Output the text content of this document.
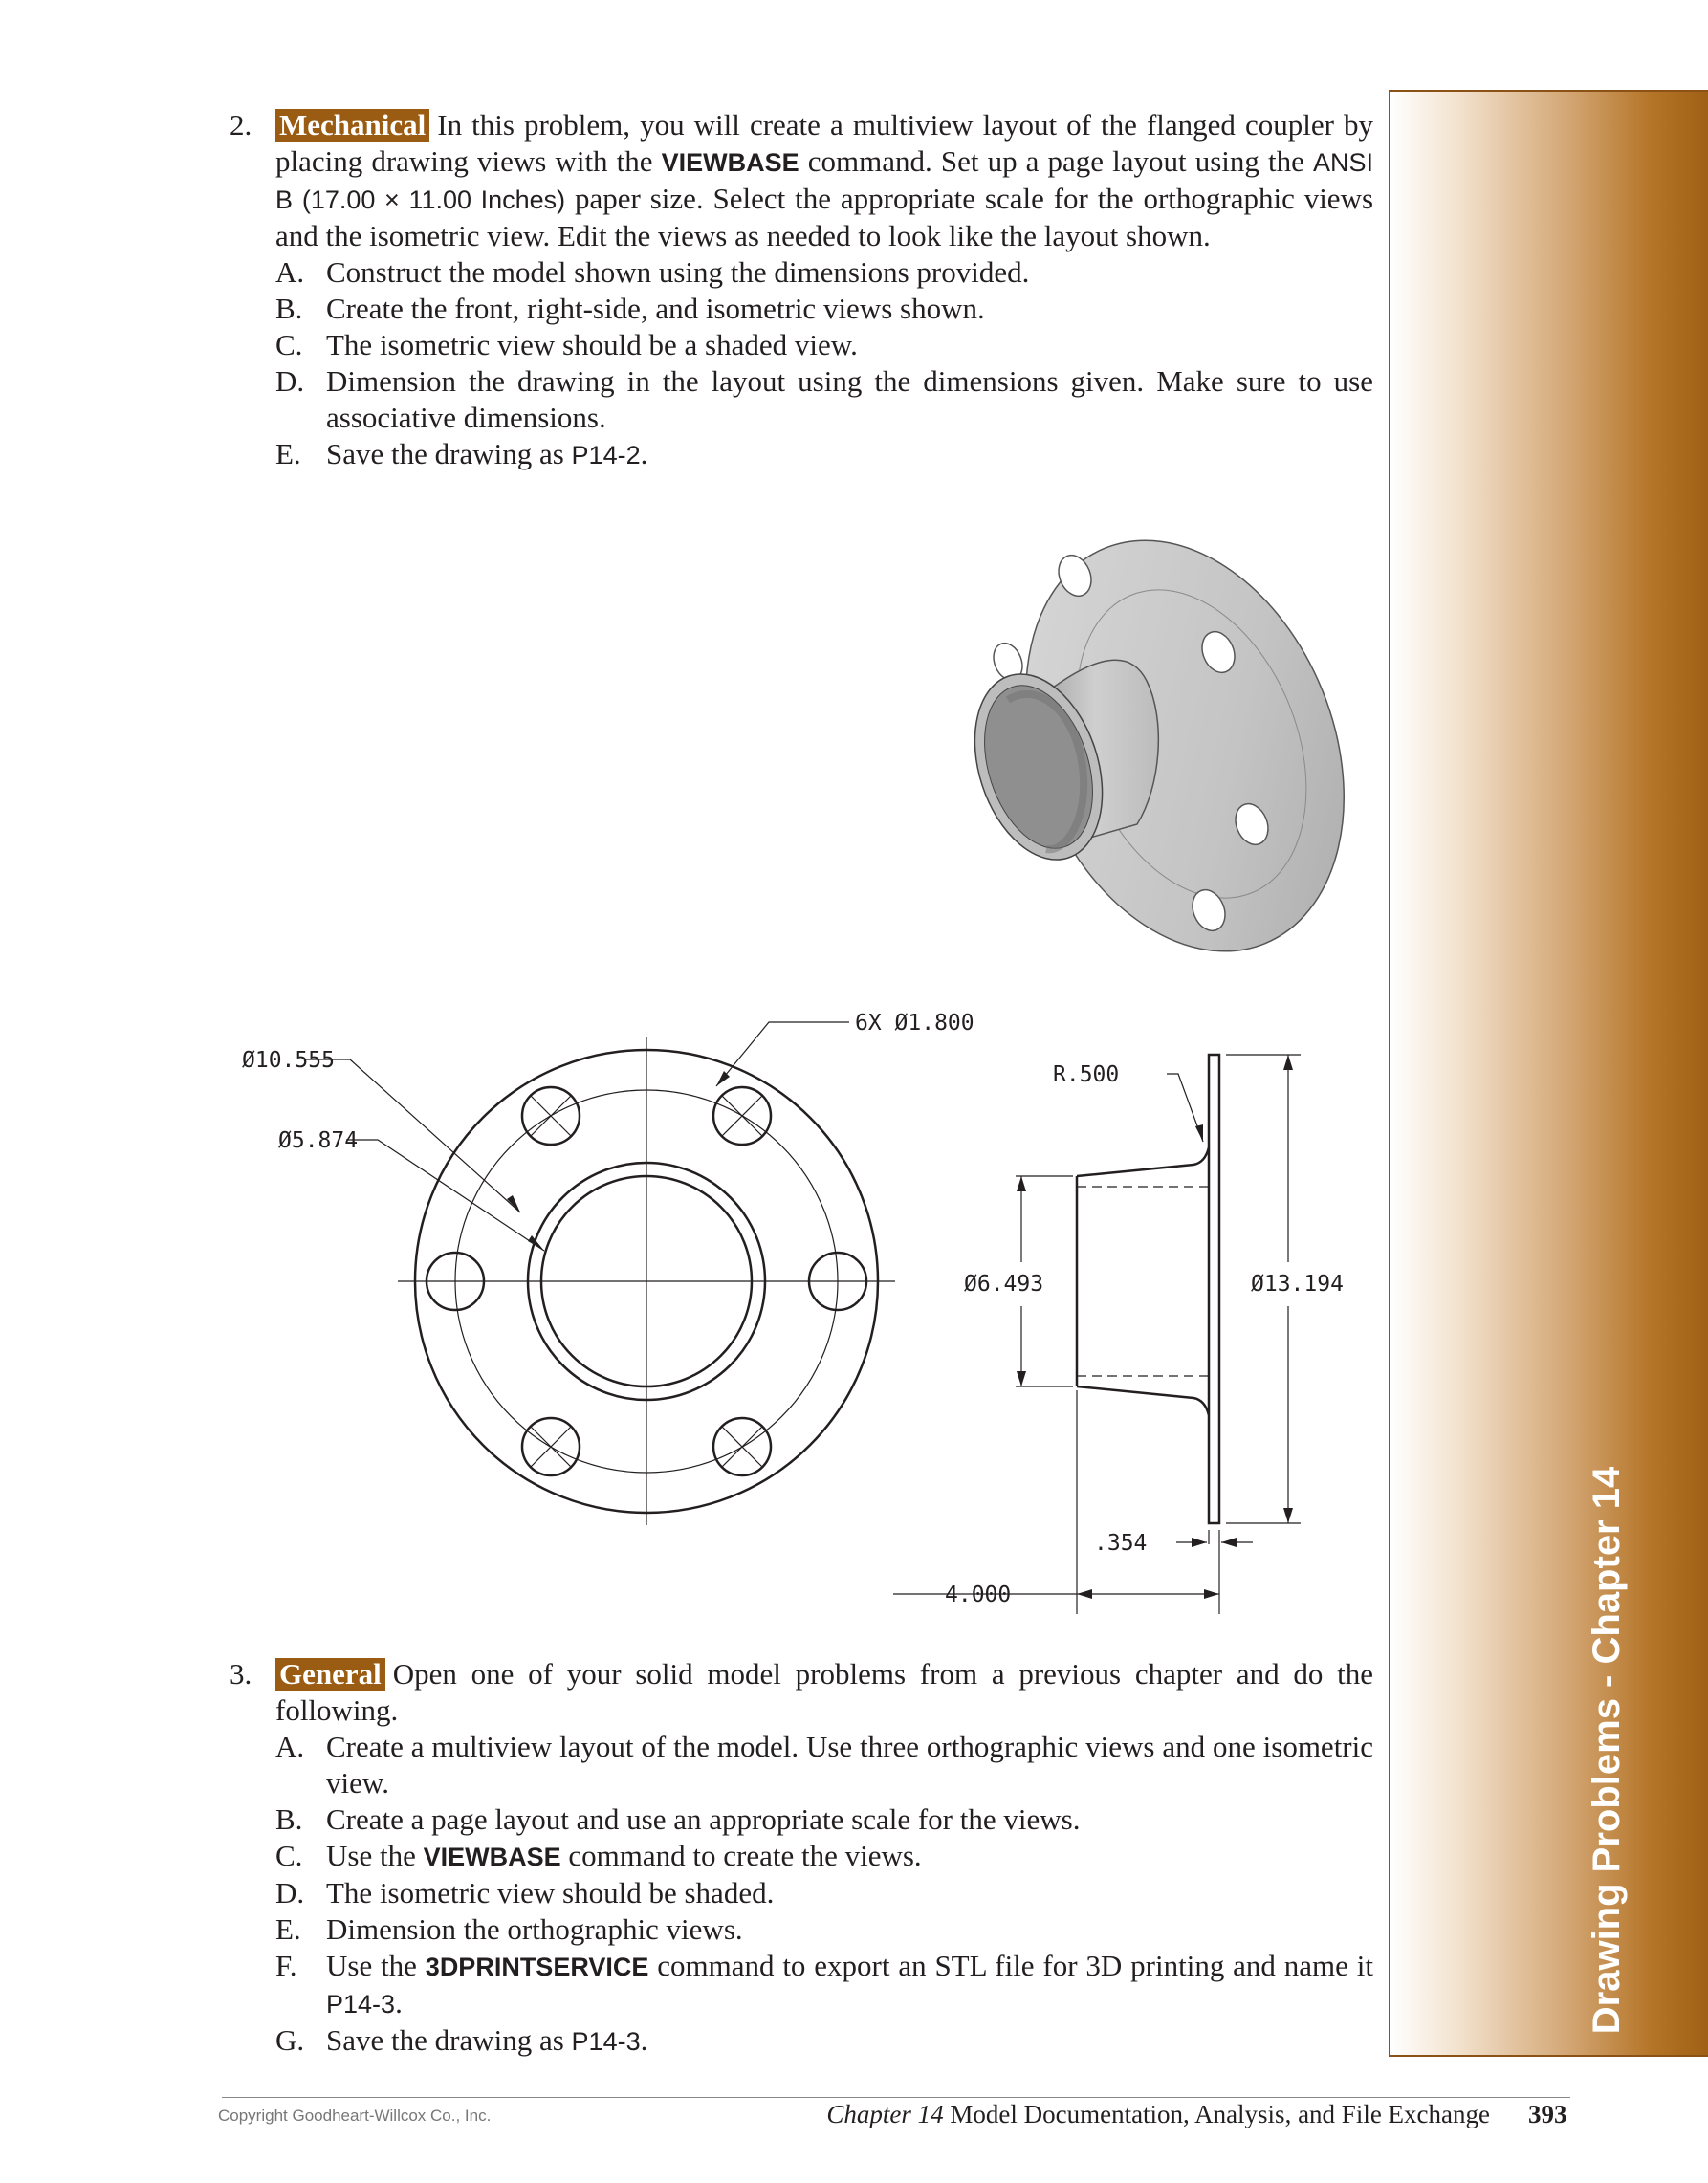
Drawing Problems - Chapter 14
2. Mechanical In this problem, you will create a multiview layout of the flanged coupler by placing drawing views with the VIEWBASE command. Set up a page layout using the ANSI B (17.00 × 11.00 Inches) paper size. Select the appropriate scale for the orthographic views and the isometric view. Edit the views as needed to look like the layout shown.

A. Construct the model shown using the dimensions provided.

B. Create the front, right-side, and isometric views shown.

C. The isometric view should be a shaded view.

D. Dimension the drawing in the layout using the dimensions given. Make sure to use associative dimensions.

E. Save the drawing as P14-2.

6X Ø1.800
Ø10.555
Ø5.874
R.500
Ø6.493	Ø13.194
.354
4.000
3. General Open one of your solid model problems from a previous chapter and do the following.

A. Create a multiview layout of the model. Use three orthographic views and one isometric view.

B. Create a page layout and use an appropriate scale for the views.

C. Use the VIEWBASE command to create the views.

D. The isometric view should be shaded.

E. Dimension the orthographic views.

F. Use the 3DPRINTSERVICE command to export an STL file for 3D printing and name it P14-3.

G. Save the drawing as P14-3.

Copyright Goodheart-Willcox Co., Inc.	Chapter 14 Model Documentation, Analysis, and File Exchange 393
